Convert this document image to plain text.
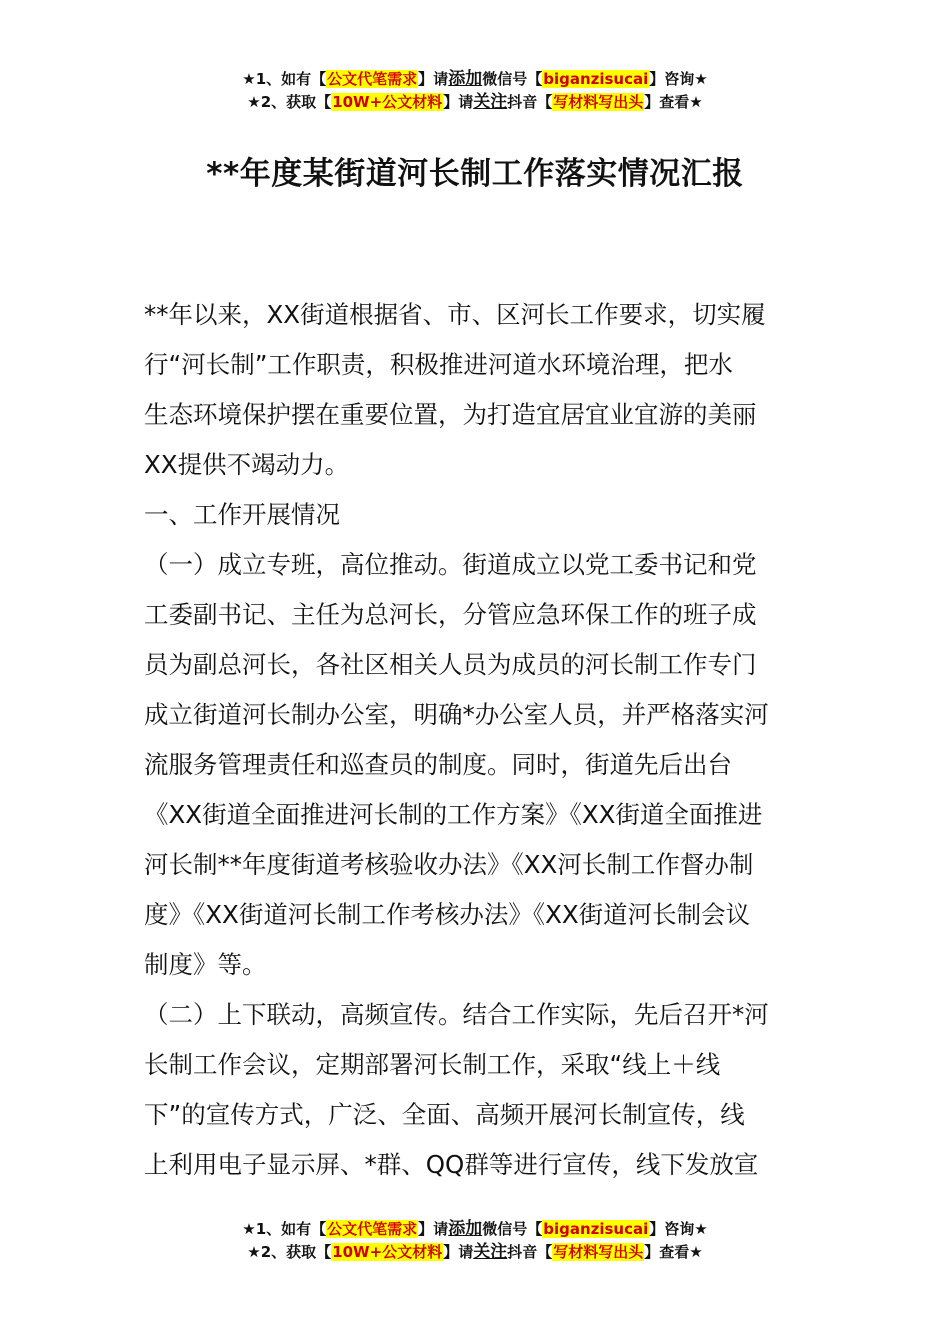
★1、如有【公文代笔需求】请添加微信号【biganzisucai】咨询★
★2、获取【10W+公文材料】请关注抖音【写材料写出头】查看★
**年度某街道河长制工作落实情况汇报

**年以来，XX街道根据省、市、区河长工作要求，切实履

行“河长制”工作职责，积极推进河道水环境治理，把水

生态环境保护摆在重要位置，为打造宜居宜业宜游的美丽

XX提供不竭动力。

一、工作开展情况

（一）成立专班，高位推动。街道成立以党工委书记和党

工委副书记、主任为总河长，分管应急环保工作的班子成

员为副总河长，各社区相关人员为成员的河长制工作专门

成立街道河长制办公室，明确*办公室人员，并严格落实河

流服务管理责任和巡查员的制度。同时，街道先后出台

《XX街道全面推进河长制的工作方案》《XX街道全面推进

河长制**年度街道考核验收办法》《XX河长制工作督办制

度》《XX街道河长制工作考核办法》《XX街道河长制会议

制度》等。

（二）上下联动，高频宣传。结合工作实际，先后召开*河

长制工作会议，定期部署河长制工作，采取“线上＋线

下”的宣传方式，广泛、全面、高频开展河长制宣传，线

上利用电子显示屏、*群、QQ群等进行宣传，线下发放宣

★1、如有【公文代笔需求】请添加微信号【biganzisucai】咨询★
★2、获取【10W+公文材料】请关注抖音【写材料写出头】查看★
